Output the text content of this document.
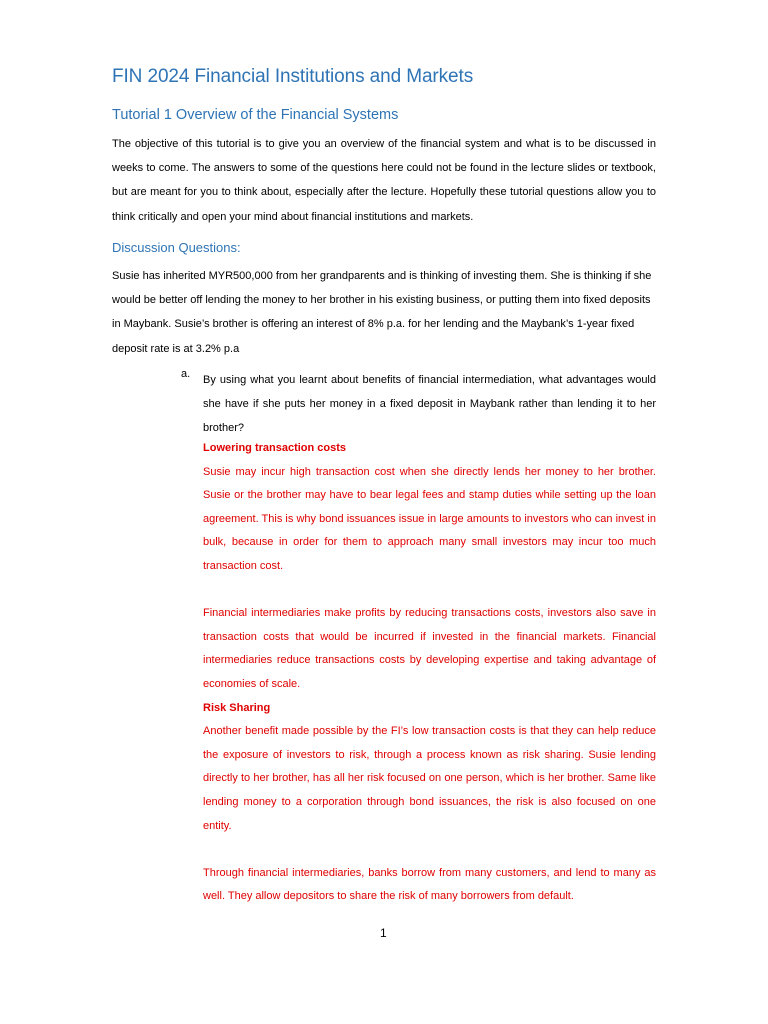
FIN 2024 Financial Institutions and Markets
Tutorial 1 Overview of the Financial Systems
The objective of this tutorial is to give you an overview of the financial system and what is to be discussed in weeks to come. The answers to some of the questions here could not be found in the lecture slides or textbook, but are meant for you to think about, especially after the lecture. Hopefully these tutorial questions allow you to think critically and open your mind about financial institutions and markets.
Discussion Questions:
Susie has inherited MYR500,000 from her grandparents and is thinking of investing them. She is thinking if she would be better off lending the money to her brother in his existing business, or putting them into fixed deposits in Maybank. Susie’s brother is offering an interest of 8% p.a. for her lending and the Maybank’s 1-year fixed deposit rate is at 3.2% p.a
a. By using what you learnt about benefits of financial intermediation, what advantages would she have if she puts her money in a fixed deposit in Maybank rather than lending it to her brother?
Lowering transaction costs

Susie may incur high transaction cost when she directly lends her money to her brother. Susie or the brother may have to bear legal fees and stamp duties while setting up the loan agreement. This is why bond issuances issue in large amounts to investors who can invest in bulk, because in order for them to approach many small investors may incur too much transaction cost.

Financial intermediaries make profits by reducing transactions costs, investors also save in transaction costs that would be incurred if invested in the financial markets. Financial intermediaries reduce transactions costs by developing expertise and taking advantage of economies of scale.

Risk Sharing

Another benefit made possible by the FI’s low transaction costs is that they can help reduce the exposure of investors to risk, through a process known as risk sharing. Susie lending directly to her brother, has all her risk focused on one person, which is her brother. Same like lending money to a corporation through bond issuances, the risk is also focused on one entity.

Through financial intermediaries, banks borrow from many customers, and lend to many as well. They allow depositors to share the risk of many borrowers from default.

1
